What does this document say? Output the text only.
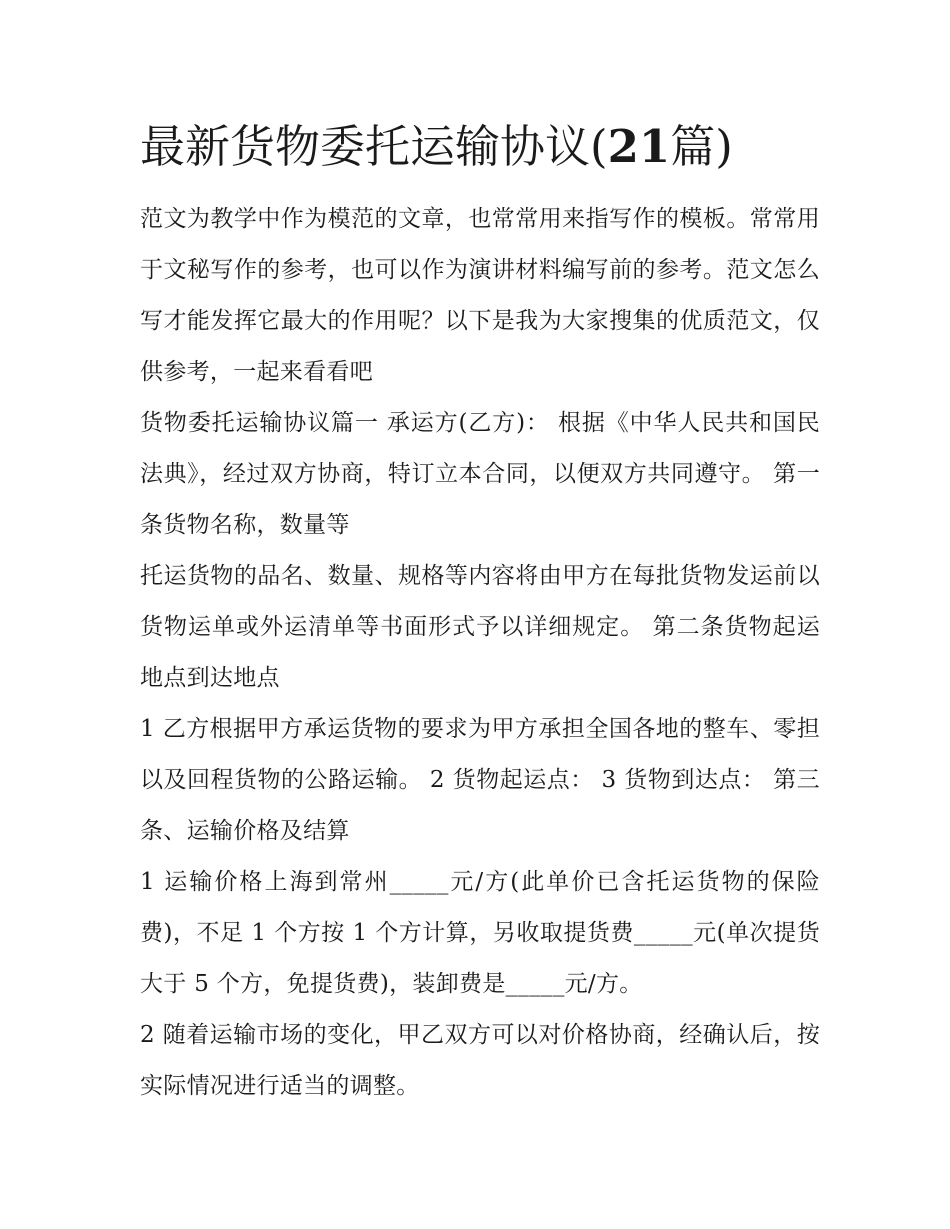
最新货物委托运输协议(21篇)

范文为教学中作为模范的文章，也常常用来指写作的模板。常常用于文秘写作的参考，也可以作为演讲材料编写前的参考。范文怎么写才能发挥它最大的作用呢？以下是我为大家搜集的优质范文，仅供参考，一起来看看吧

货物委托运输协议篇一 承运方(乙方)： 根据《中华人民共和国民法典》，经过双方协商，特订立本合同，以便双方共同遵守。 第一条货物名称，数量等

托运货物的品名、数量、规格等内容将由甲方在每批货物发运前以货物运单或外运清单等书面形式予以详细规定。 第二条货物起运地点到达地点

1 乙方根据甲方承运货物的要求为甲方承担全国各地的整车、零担以及回程货物的公路运输。 2 货物起运点： 3 货物到达点： 第三条、运输价格及结算

1 运输价格上海到常州_____元/方(此单价已含托运货物的保险费)，不足 1 个方按 1 个方计算，另收取提货费_____元(单次提货大于 5 个方，免提货费)，装卸费是_____元/方。

2 随着运输市场的变化，甲乙双方可以对价格协商，经确认后，按实际情况进行适当的调整。
